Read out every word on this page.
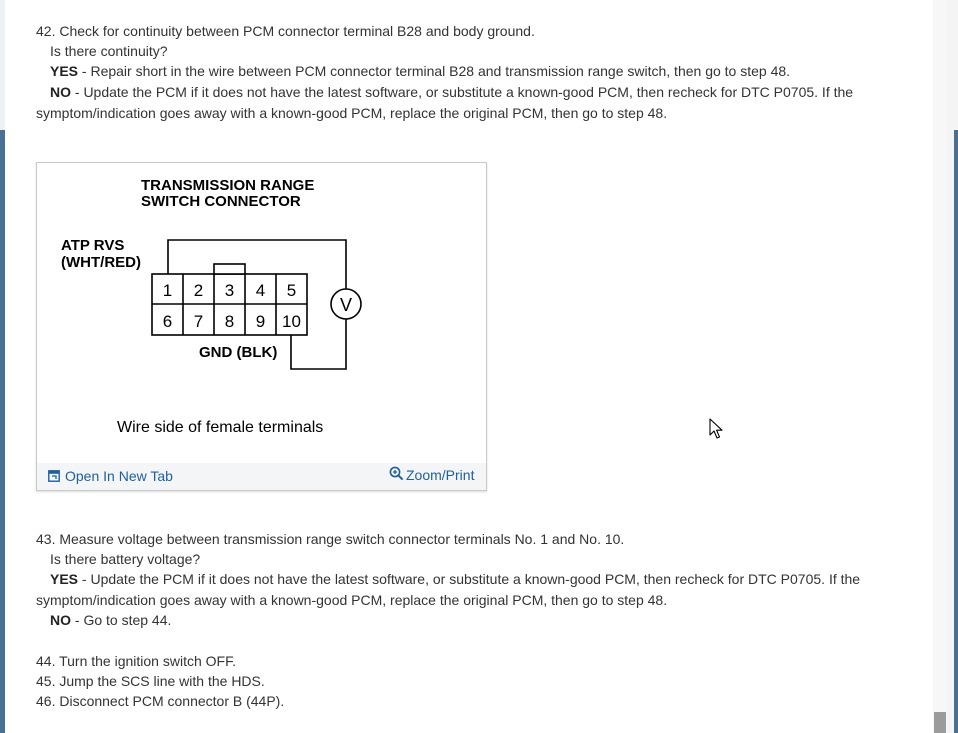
42. Check for continuity between PCM connector terminal B28 and body ground.
Is there continuity?
YES - Repair short in the wire between PCM connector terminal B28 and transmission range switch, then go to step 48.
NO - Update the PCM if it does not have the latest software, or substitute a known-good PCM, then recheck for DTC P0705. If the
symptom/indication goes away with a known-good PCM, replace the original PCM, then go to step 48.
TRANSMISSION RANGE
SWITCH CONNECTOR
ATP RVS
(WHT/RED)
1 2 3 4 5
6 7 8 9 10
V
GND (BLK)
Wire side of female terminals
Open In New Tab	Zoom/Print
43. Measure voltage between transmission range switch connector terminals No. 1 and No. 10.
Is there battery voltage?
YES - Update the PCM if it does not have the latest software, or substitute a known-good PCM, then recheck for DTC P0705. If the
symptom/indication goes away with a known-good PCM, replace the original PCM, then go to step 48.
NO - Go to step 44.
44. Turn the ignition switch OFF.
45. Jump the SCS line with the HDS.
46. Disconnect PCM connector B (44P).
